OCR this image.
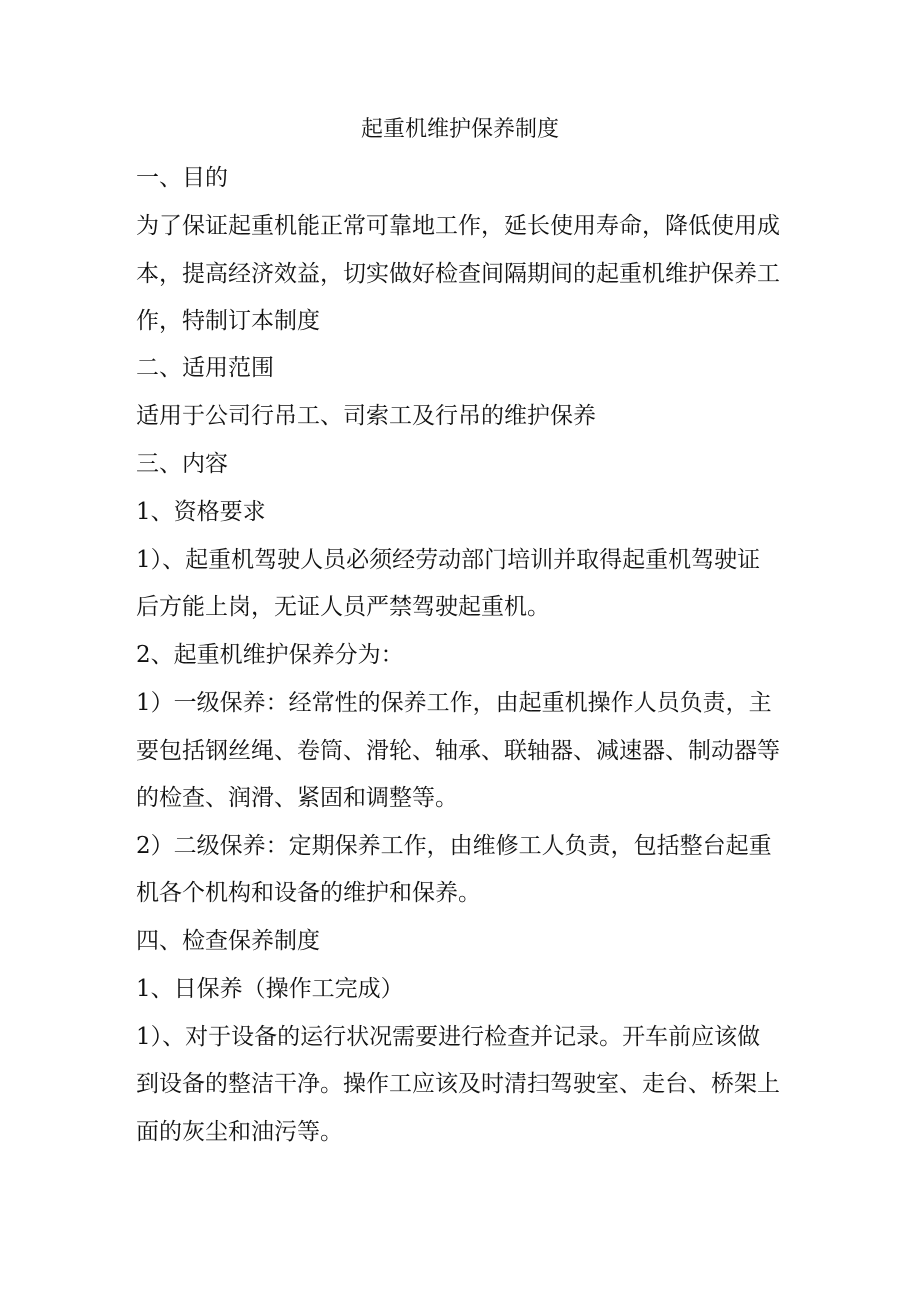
起重机维护保养制度
一、目的
为了保证起重机能正常可靠地工作，延长使用寿命，降低使用成
本，提高经济效益，切实做好检查间隔期间的起重机维护保养工
作，特制订本制度
二、适用范围
适用于公司行吊工、司索工及行吊的维护保养
三、内容
1、资格要求
1）、起重机驾驶人员必须经劳动部门培训并取得起重机驾驶证
后方能上岗，无证人员严禁驾驶起重机。
2、起重机维护保养分为：
1）一级保养：经常性的保养工作，由起重机操作人员负责，主
要包括钢丝绳、卷筒、滑轮、轴承、联轴器、减速器、制动器等
的检查、润滑、紧固和调整等。
2）二级保养：定期保养工作，由维修工人负责，包括整台起重
机各个机构和设备的维护和保养。
四、检查保养制度
1、日保养（操作工完成）
1）、对于设备的运行状况需要进行检查并记录。开车前应该做
到设备的整洁干净。操作工应该及时清扫驾驶室、走台、桥架上
面的灰尘和油污等。
